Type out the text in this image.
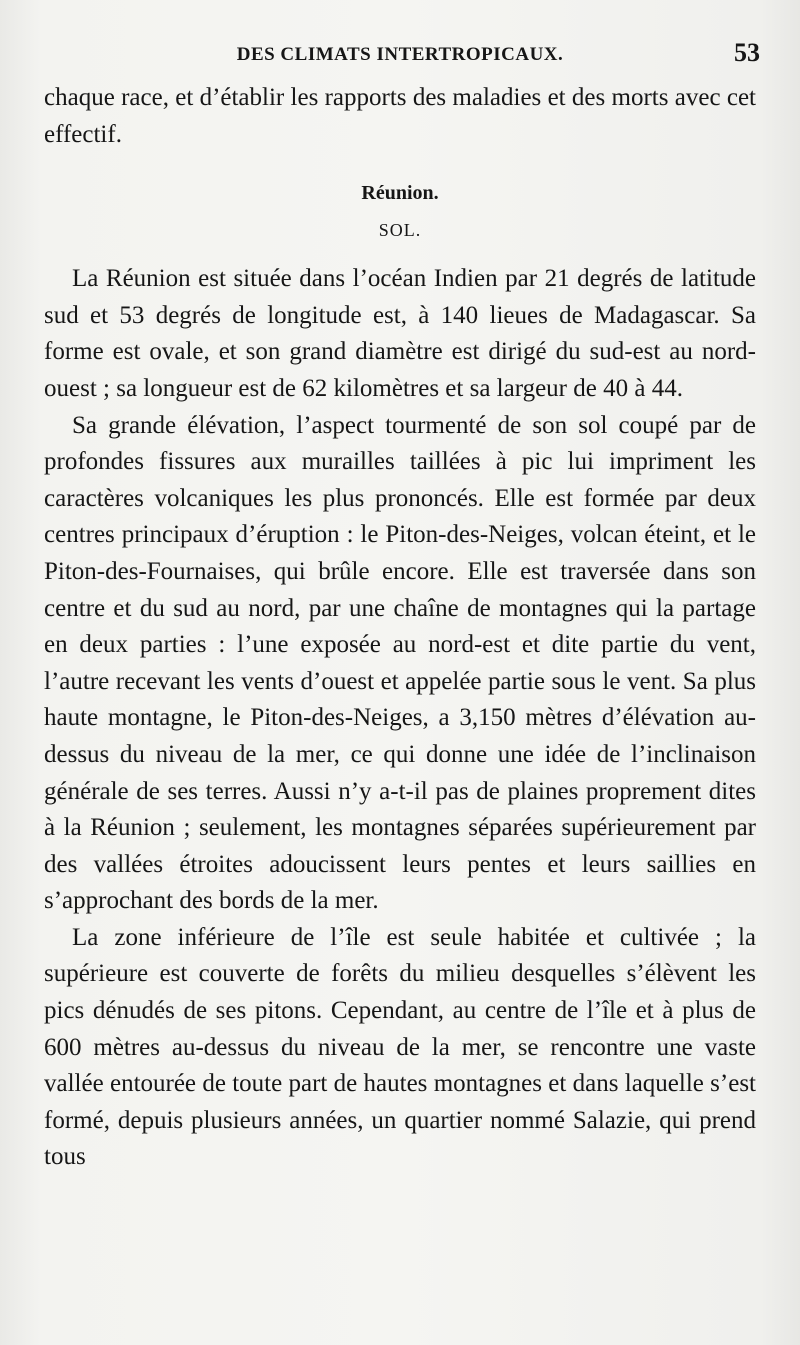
DES CLIMATS INTERTROPICAUX.	53

chaque race, et d’établir les rapports des maladies et des morts avec cet effectif.

Réunion.
SOL.

La Réunion est située dans l’océan Indien par 21 degrés de latitude sud et 53 degrés de longitude est, à 140 lieues de Madagascar. Sa forme est ovale, et son grand diamètre est dirigé du sud-est au nord-ouest ; sa longueur est de 62 kilomètres et sa largeur de 40 à 44.

Sa grande élévation, l’aspect tourmenté de son sol coupé par de profondes fissures aux murailles taillées à pic lui impriment les caractères volcaniques les plus prononcés. Elle est formée par deux centres principaux d’éruption : le Piton-des-Neiges, volcan éteint, et le Piton-des-Fournaises, qui brûle encore. Elle est traversée dans son centre et du sud au nord, par une chaîne de montagnes qui la partage en deux parties : l’une exposée au nord-est et dite partie du vent, l’autre recevant les vents d’ouest et appelée partie sous le vent. Sa plus haute montagne, le Piton-des-Neiges, a 3,150 mètres d’élévation au-dessus du niveau de la mer, ce qui donne une idée de l’inclinaison générale de ses terres. Aussi n’y a-t-il pas de plaines proprement dites à la Réunion ; seulement, les montagnes séparées supérieurement par des vallées étroites adoucissent leurs pentes et leurs saillies en s’approchant des bords de la mer.

La zone inférieure de l’île est seule habitée et cultivée ; la supérieure est couverte de forêts du milieu desquelles s’élèvent les pics dénudés de ses pitons. Cependant, au centre de l’île et à plus de 600 mètres au-dessus du niveau de la mer, se rencontre une vaste vallée entourée de toute part de hautes montagnes et dans laquelle s’est formé, depuis plusieurs années, un quartier nommé Salazie, qui prend tous
